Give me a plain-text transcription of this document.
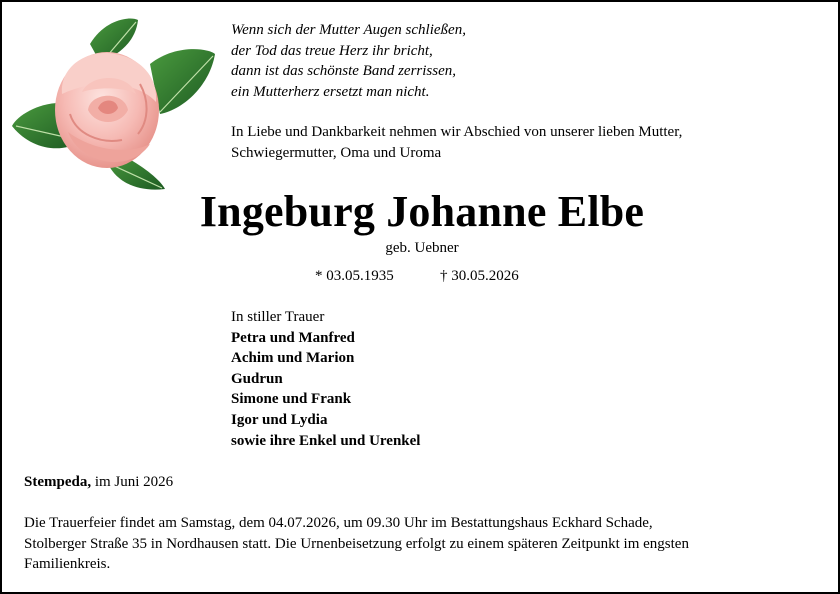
Wenn sich der Mutter Augen schließen,
der Tod das treue Herz ihr bricht,
dann ist das schönste Band zerrissen,
ein Mutterherz ersetzt man nicht.

In Liebe und Dankbarkeit nehmen wir Abschied von unserer lieben Mutter,
Schwiegermutter, Oma und Uroma

Ingeburg Johanne Elbe
geb. Uebner
* 03.05.1935	† 30.05.2026
In stiller Trauer
Petra und Manfred
Achim und Marion
Gudrun
Simone und Frank
Igor und Lydia
sowie ihre Enkel und Urenkel
Stempeda, im Juni 2026

Die Trauerfeier findet am Samstag, dem 04.07.2026, um 09.30 Uhr im Bestattungshaus Eckhard Schade,
Stolberger Straße 35 in Nordhausen statt. Die Urnenbeisetzung erfolgt zu einem späteren Zeitpunkt im engsten
Familienkreis.
